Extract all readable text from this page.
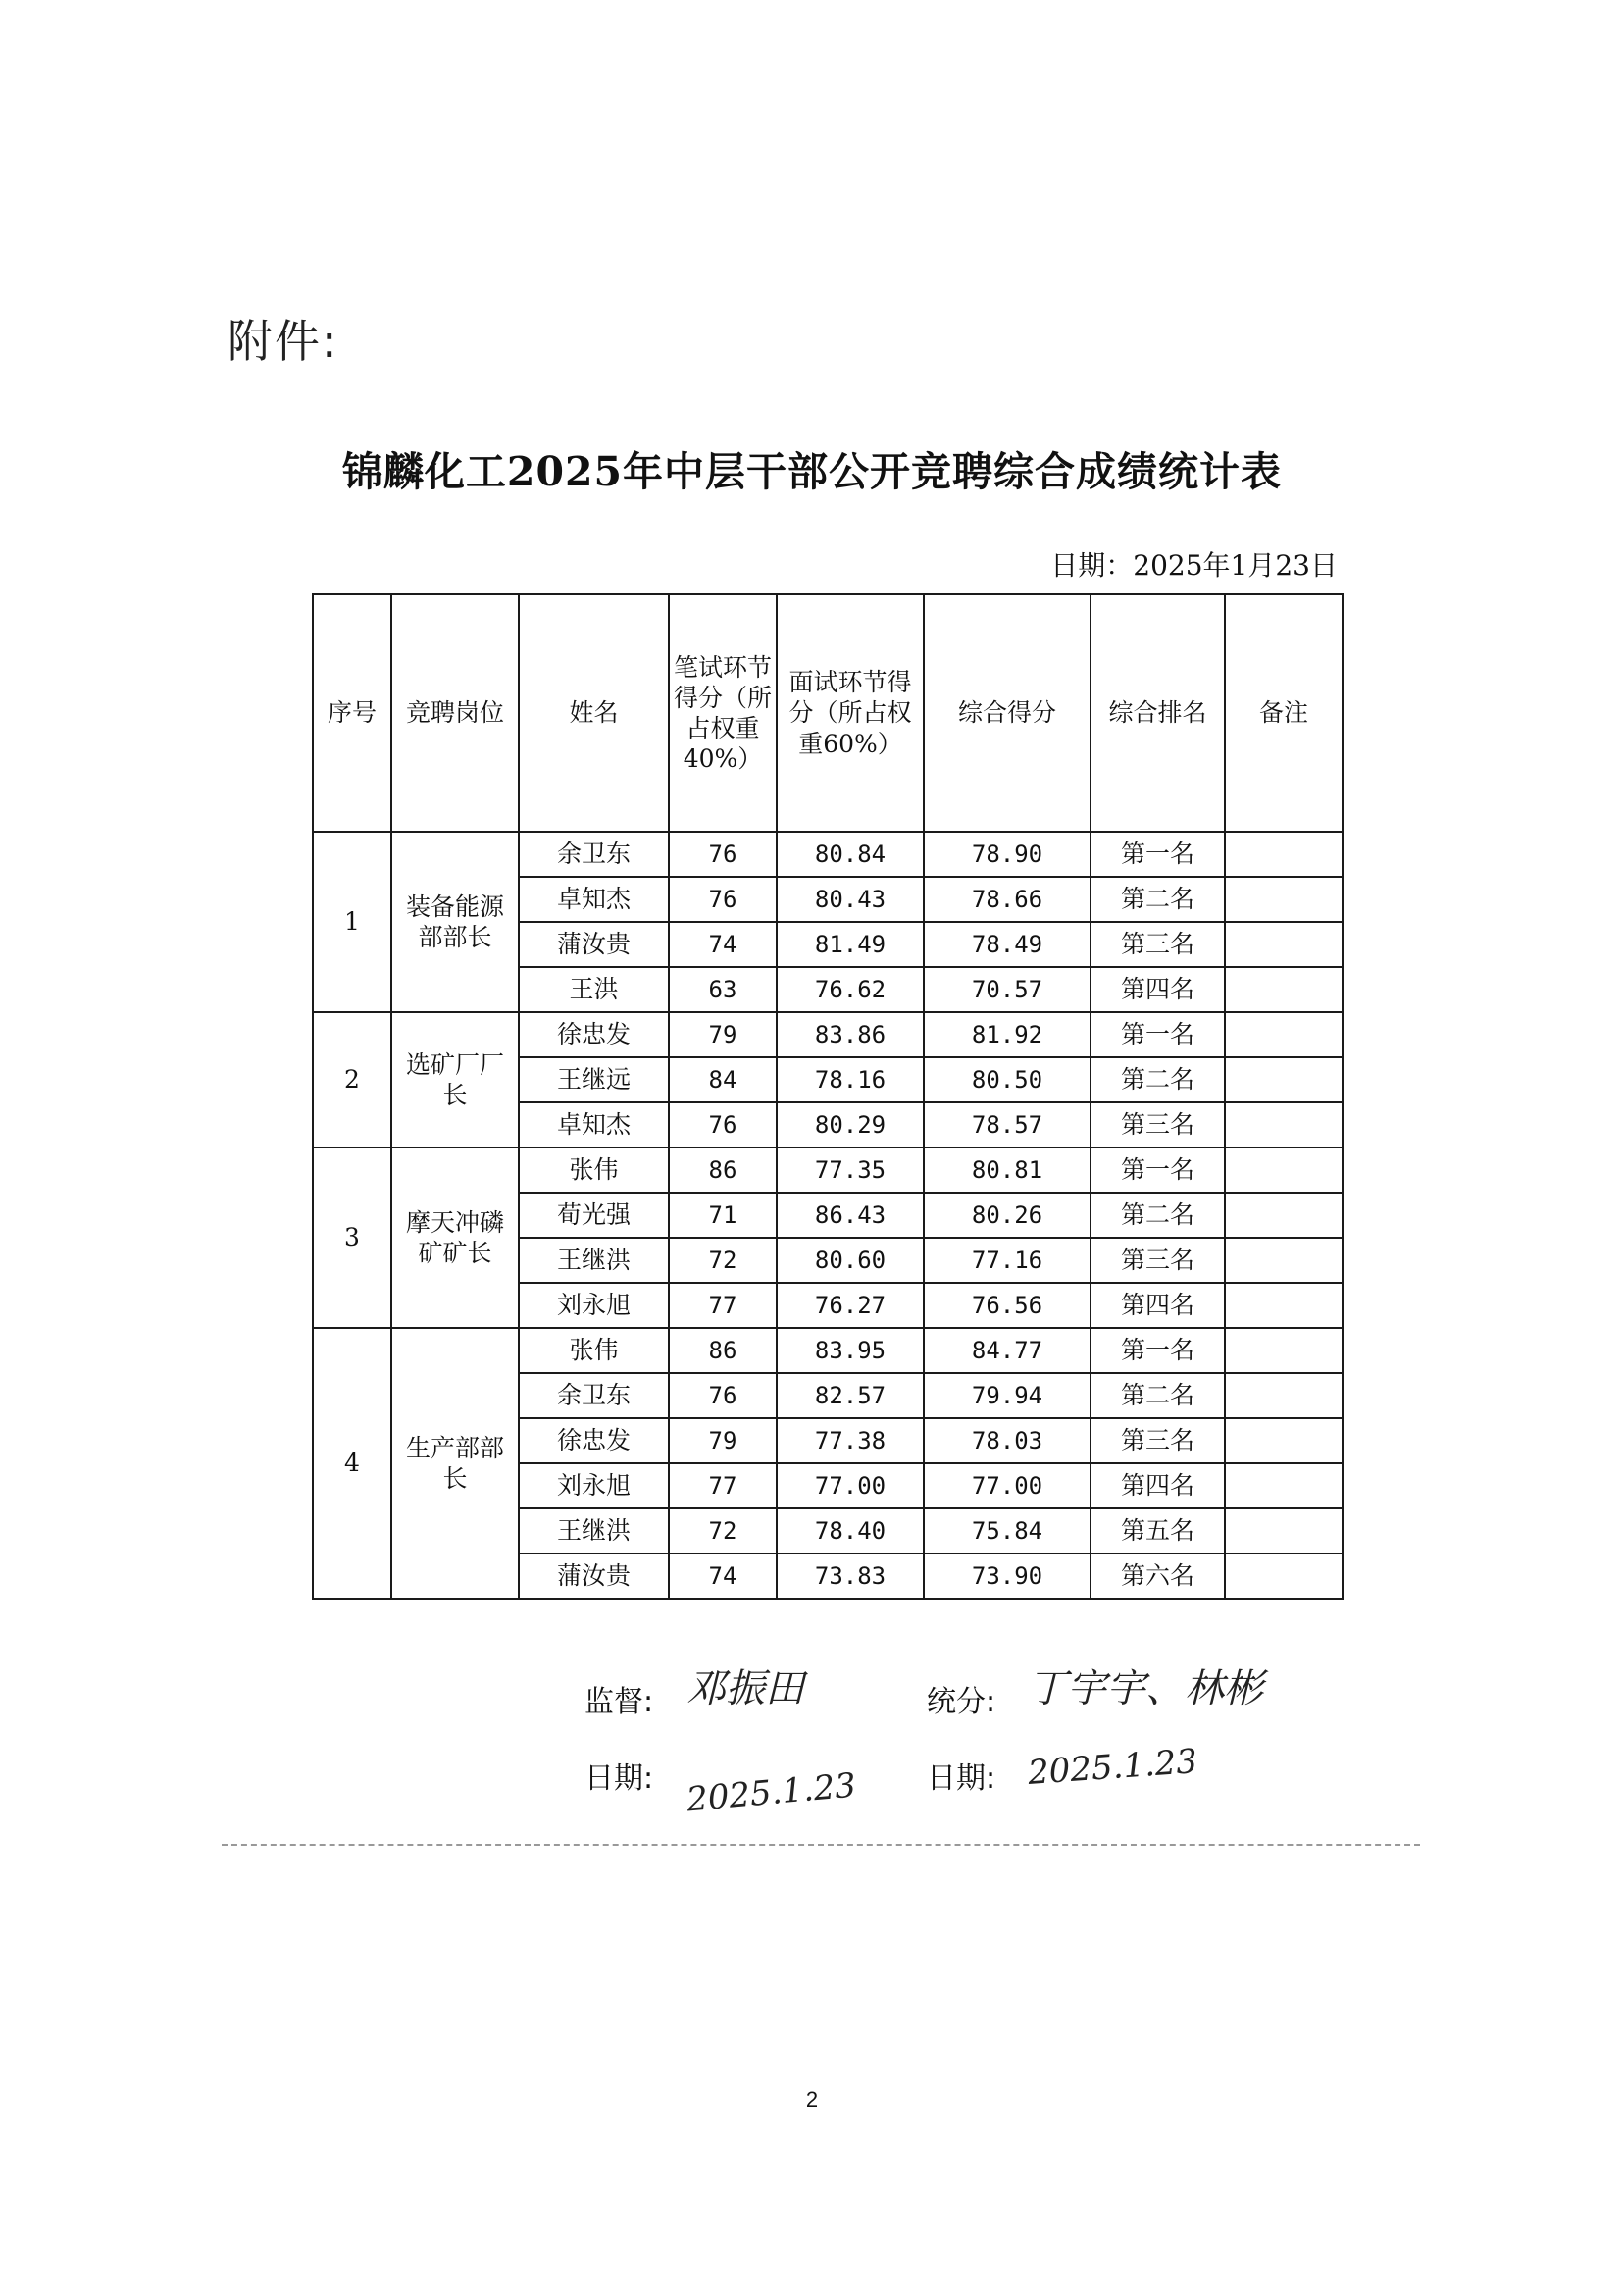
附件:
锦麟化工2025年中层干部公开竞聘综合成绩统计表
日期：2025年1月23日
序号	竞聘岗位	姓名	笔试环节得分（所占权重40%）	面试环节得分（所占权重60%）	综合得分	综合排名	备注
1	装备能源部部长	余卫东	76	80.84	78.90	第一名	
		卓知杰	76	80.43	78.66	第二名	
		蒲汝贵	74	81.49	78.49	第三名	
		王洪	63	76.62	70.57	第四名	
2	选矿厂厂长	徐忠发	79	83.86	81.92	第一名	
		王继远	84	78.16	80.50	第二名	
		卓知杰	76	80.29	78.57	第三名	
3	摩天冲磷矿矿长	张伟	86	77.35	80.81	第一名	
		荀光强	71	86.43	80.26	第二名	
		王继洪	72	80.60	77.16	第三名	
		刘永旭	77	76.27	76.56	第四名	
4	生产部部长	张伟	86	83.95	84.77	第一名	
		余卫东	76	82.57	79.94	第二名	
		徐忠发	79	77.38	78.03	第三名	
		刘永旭	77	77.00	77.00	第四名	
		王继洪	72	78.40	75.84	第五名	
		蒲汝贵	74	73.83	73.90	第六名	
监督: 邓振田	统分: 丁宇宇、林彬
日期: 2025.1.23 日期: 2025.1.23
2
